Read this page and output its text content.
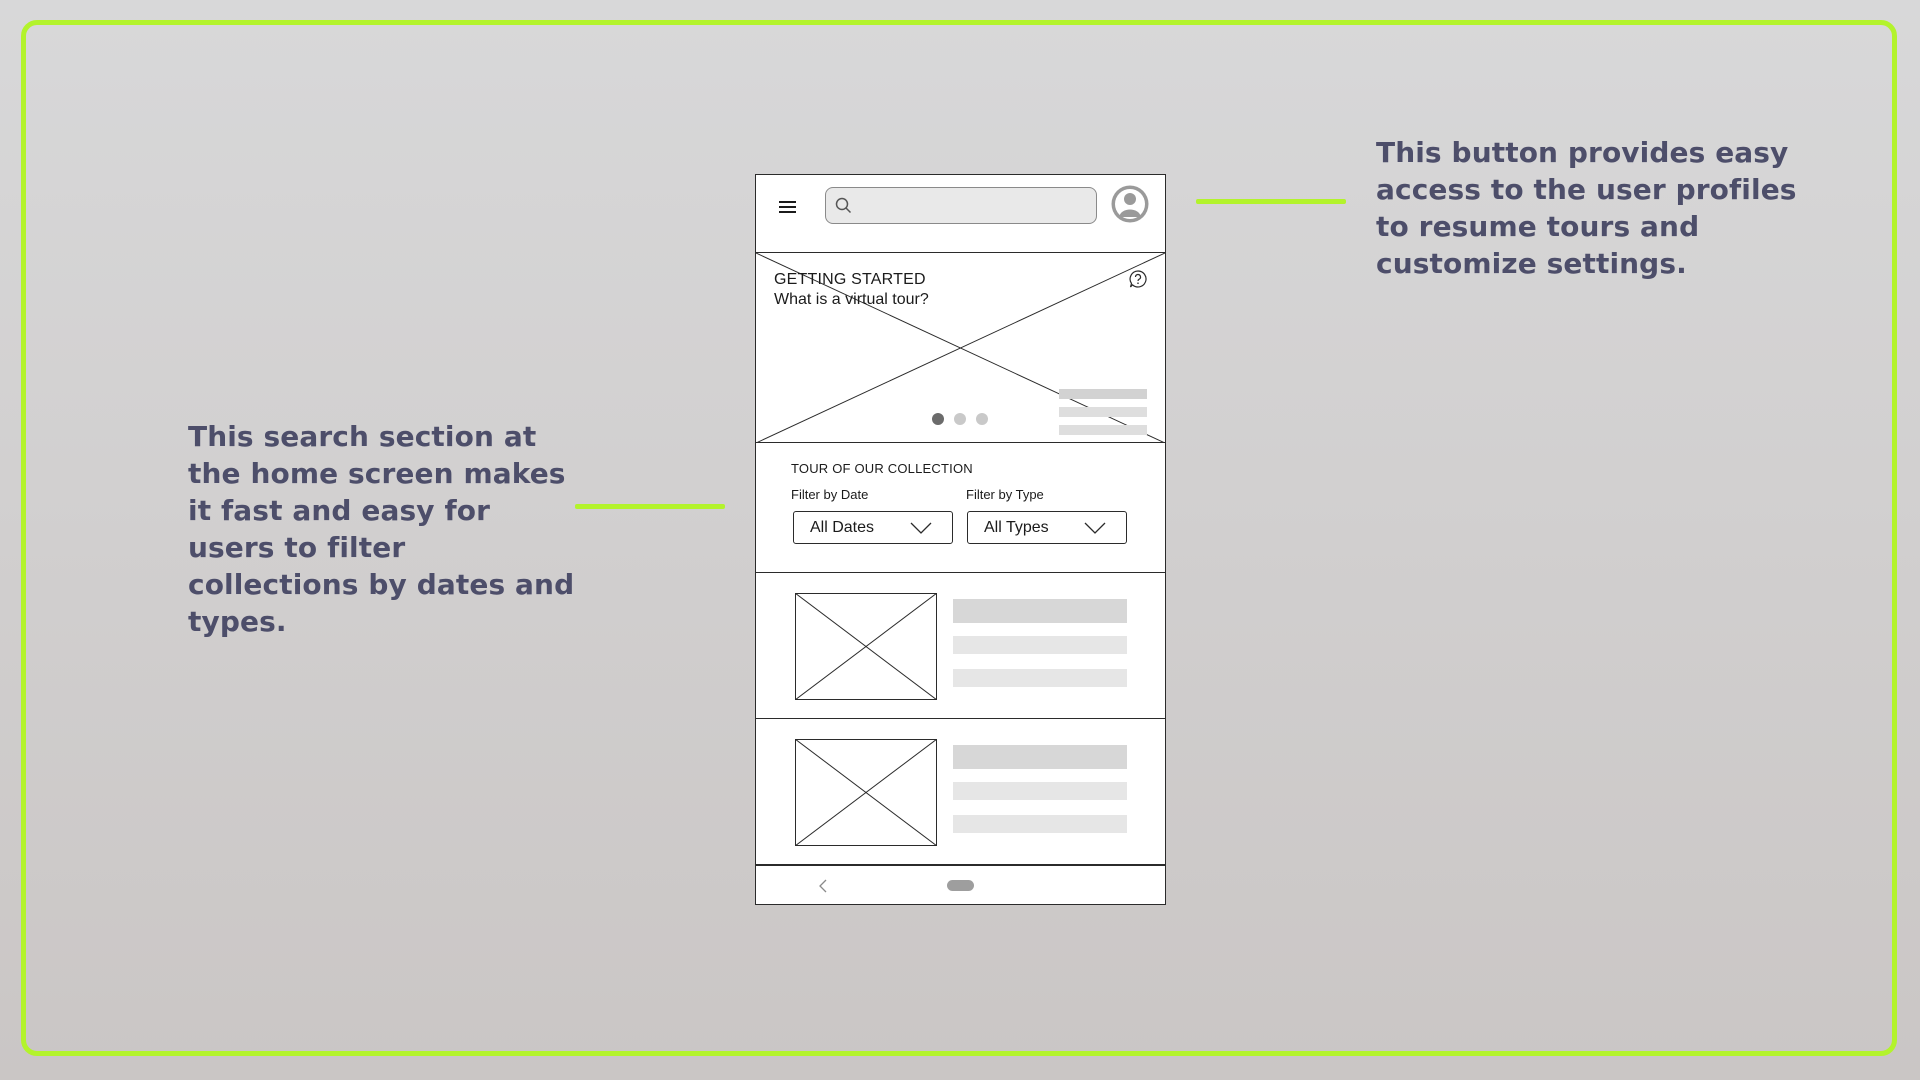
This button provides easy access to the user profiles to resume tours and customize settings.

This search section at the home screen makes it fast and easy for users to filter collections by dates and types.

GETTING STARTED
What is a virtual tour?
TOUR OF OUR COLLECTION
Filter by Date	Filter by Type
All Dates	All Types
